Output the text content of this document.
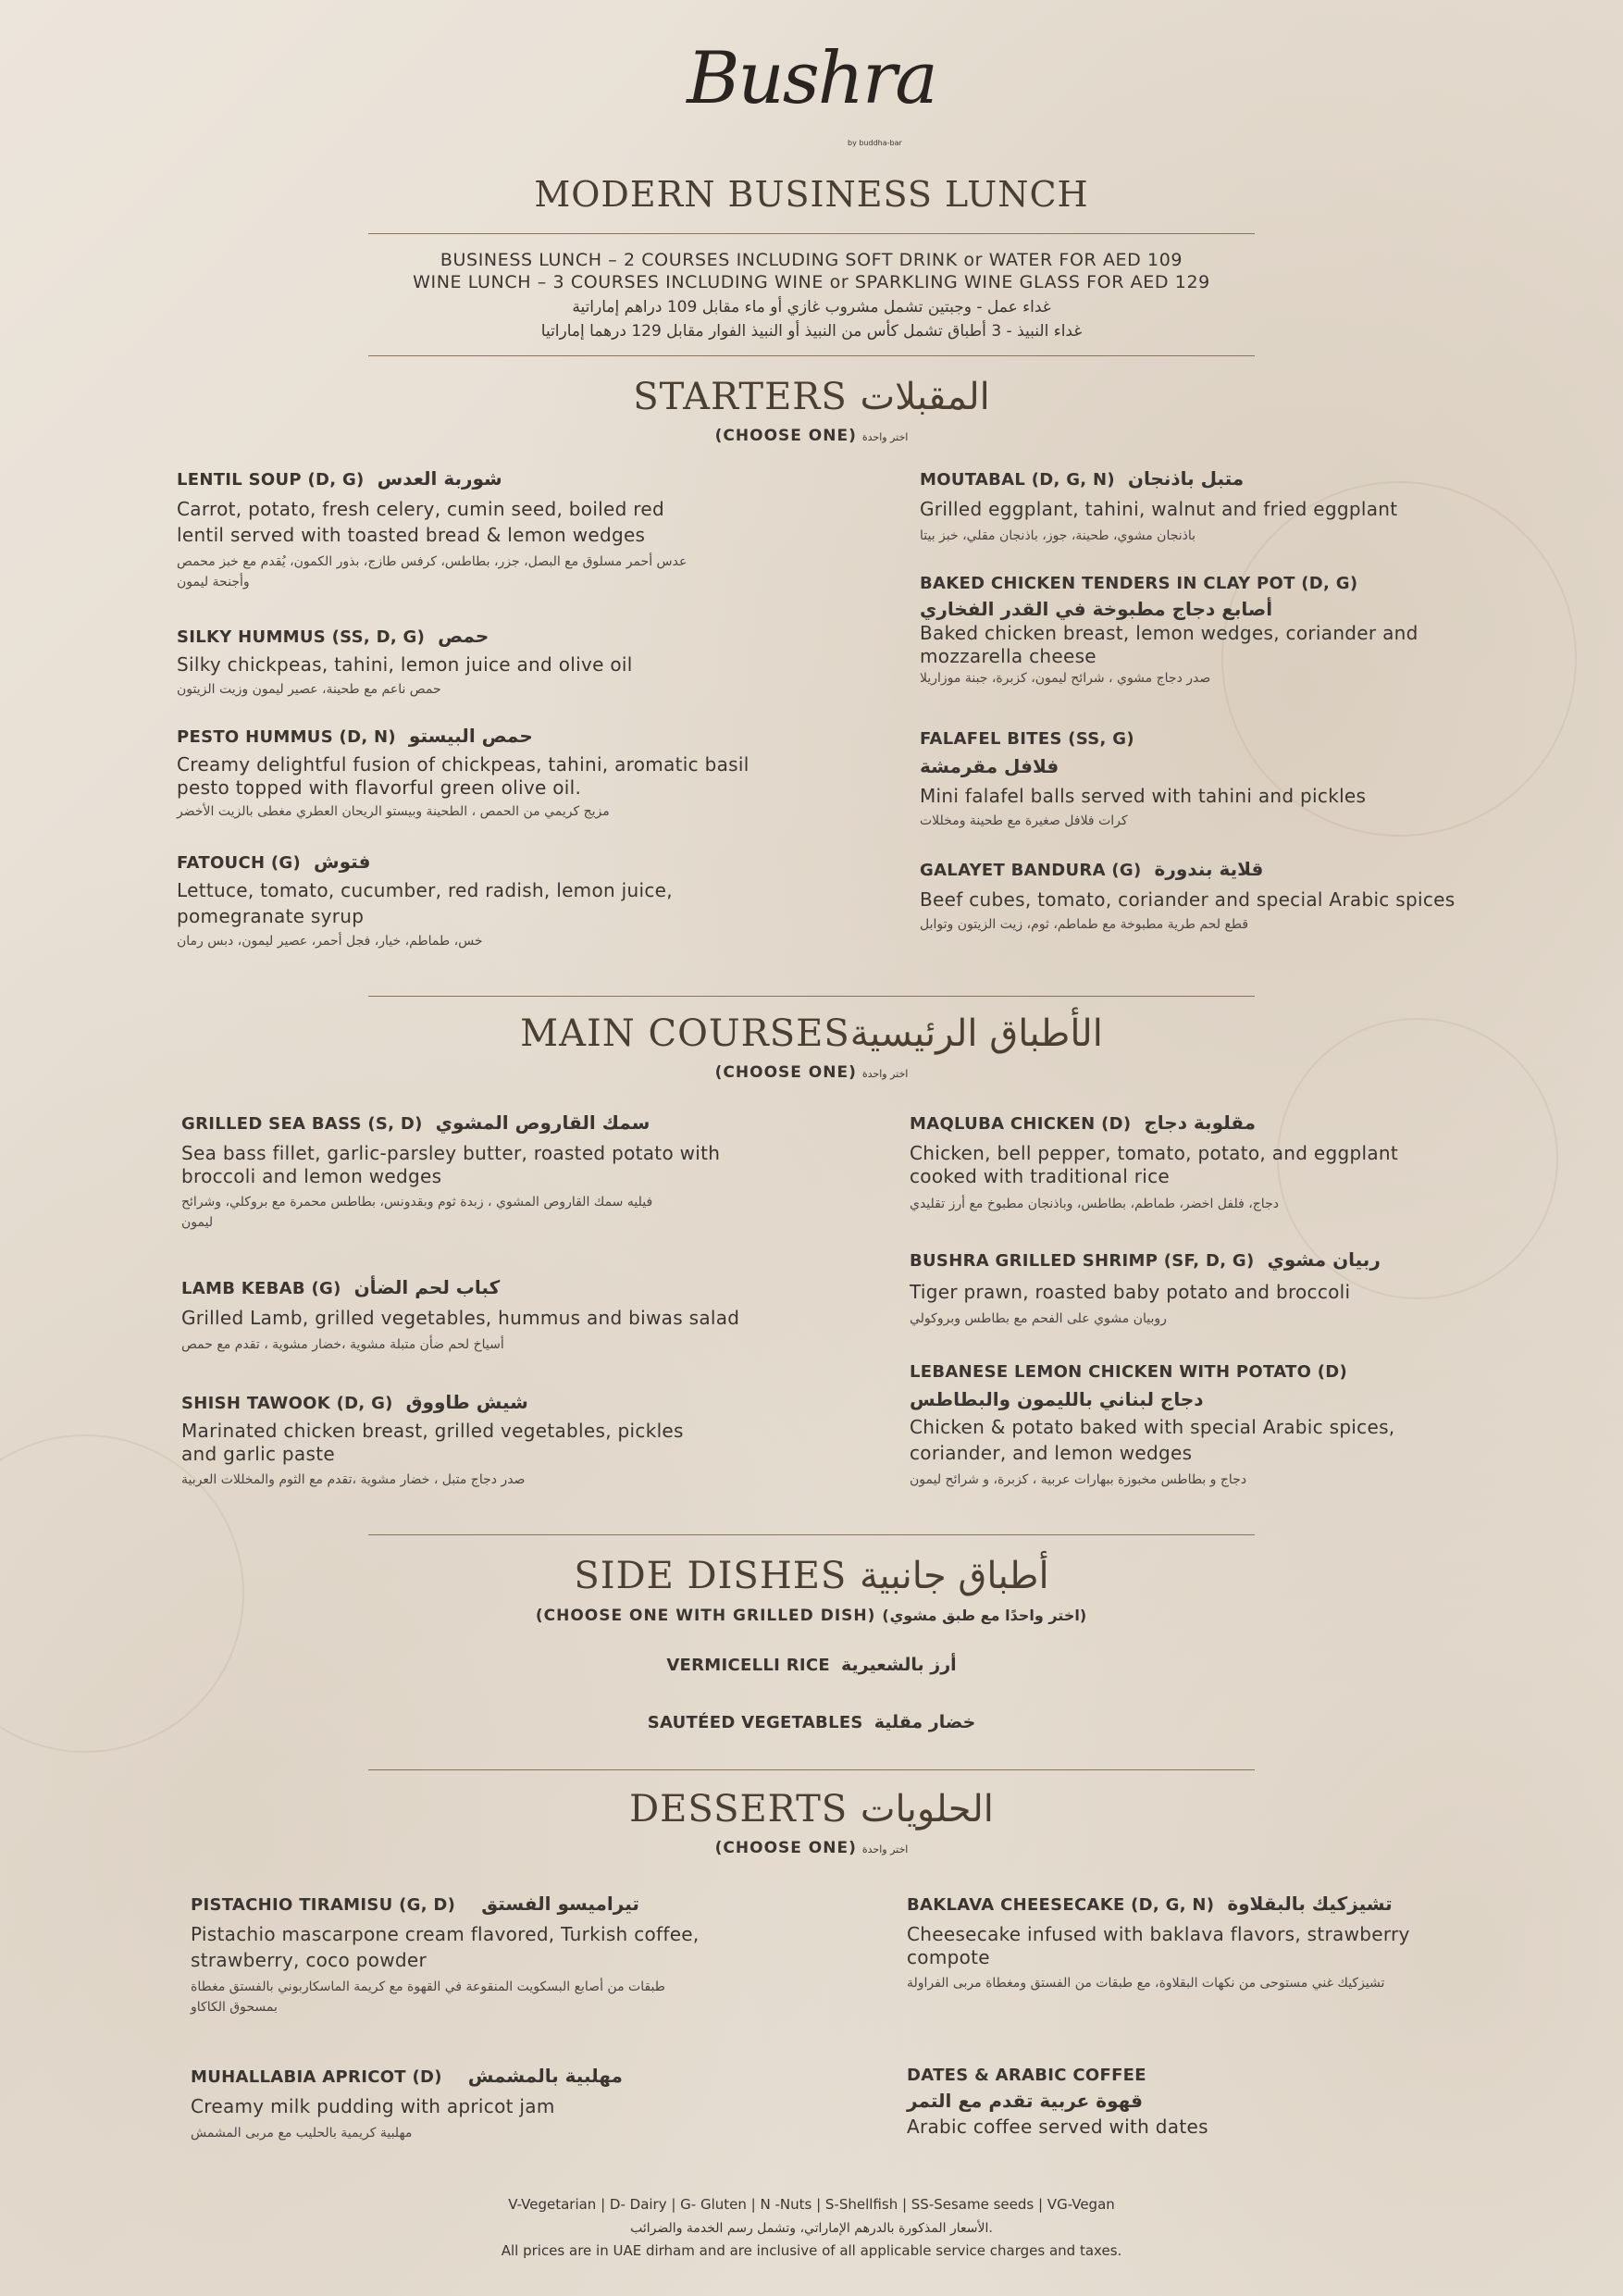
Bushra
by buddha-bar
MODERN BUSINESS LUNCH
BUSINESS LUNCH – 2 COURSES INCLUDING SOFT DRINK or WATER FOR AED 109
WINE LUNCH – 3 COURSES INCLUDING WINE or SPARKLING WINE GLASS FOR AED 129
غداء عمل - وجبتين تشمل مشروب غازي أو ماء مقابل 109 دراهم إماراتية
غداء النبيذ - 3 أطباق تشمل كأس من النبيذ أو النبيذ الفوار مقابل 129 درهما إماراتيا
STARTERS المقبلات
(CHOOSE ONE) اختر واحدة
LENTIL SOUP (D, G) شوربة العدس
Carrot, potato, fresh celery, cumin seed, boiled red lentil served with toasted bread & lemon wedges
عدس أحمر مسلوق مع البصل، جزر، بطاطس، كرفس طازج، بذور الكمون، يُقدم مع خبز محمص وأجنحة ليمون
SILKY HUMMUS (SS, D, G) حمص
Silky chickpeas, tahini, lemon juice and olive oil
حمص ناعم مع طحينة، عصير ليمون وزيت الزيتون
PESTO HUMMUS (D, N) حمص البيستو
Creamy delightful fusion of chickpeas, tahini, aromatic basil pesto topped with flavorful green olive oil.
مزيج كريمي من الحمص ، الطحينة وبيستو الريحان العطري مغطى بالزيت الأخضر
FATOUCH (G) فتوش
Lettuce, tomato, cucumber, red radish, lemon juice, pomegranate syrup
خس، طماطم، خيار، فجل أحمر، عصير ليمون، دبس رمان
MOUTABAL (D, G, N) متبل باذنجان
Grilled eggplant, tahini, walnut and fried eggplant
باذنجان مشوي، طحينة، جوز، باذنجان مقلي، خبز بيتا
BAKED CHICKEN TENDERS IN CLAY POT (D, G)
أصابع دجاج مطبوخة في القدر الفخاري
Baked chicken breast, lemon wedges, coriander and mozzarella cheese
صدر دجاج مشوي ، شرائح ليمون، كزبرة، جبنة موزاريلا
FALAFEL BITES (SS, G)
فلافل مقرمشة
Mini falafel balls served with tahini and pickles
كرات فلافل صغيرة مع طحينة ومخللات
GALAYET BANDURA (G) قلاية بندورة
Beef cubes, tomato, coriander and special Arabic spices
قطع لحم طرية مطبوخة مع طماطم، ثوم، زيت الزيتون وتوابل
MAIN COURSESالأطباق الرئيسية
(CHOOSE ONE) اختر واحدة
GRILLED SEA BASS (S, D) سمك القاروص المشوي
Sea bass fillet, garlic-parsley butter, roasted potato with broccoli and lemon wedges
فيليه سمك القاروص المشوي ، زبدة ثوم وبقدونس، بطاطس محمرة مع بروكلي، وشرائح ليمون
LAMB KEBAB (G) كباب لحم الضأن
Grilled Lamb, grilled vegetables, hummus and biwas salad
أسياخ لحم ضأن متبلة مشوية ،خضار مشوية ، تقدم مع حمص
SHISH TAWOOK (D, G) شيش طاووق
Marinated chicken breast, grilled vegetables, pickles and garlic paste
صدر دجاج متبل ، خضار مشوية ،تقدم مع الثوم والمخللات العربية
MAQLUBA CHICKEN (D) مقلوبة دجاج
Chicken, bell pepper, tomato, potato, and eggplant cooked with traditional rice
دجاج، فلفل اخضر، طماطم، بطاطس، وباذنجان مطبوخ مع أرز تقليدي
BUSHRA GRILLED SHRIMP (SF, D, G) ربيان مشوي
Tiger prawn, roasted baby potato and broccoli
روبيان مشوي على الفحم مع بطاطس وبروكولي
LEBANESE LEMON CHICKEN WITH POTATO (D)
دجاج لبناني بالليمون والبطاطس
Chicken & potato baked with special Arabic spices, coriander, and lemon wedges
دجاج و بطاطس مخبوزة ببهارات عربية ، كزبرة، و شرائح ليمون
SIDE DISHES أطباق جانبية
(CHOOSE ONE WITH GRILLED DISH) (اختر واحدًا مع طبق مشوي)
VERMICELLI RICE أرز بالشعيرية
SAUTÉED VEGETABLES خضار مقلية
DESSERTS الحلويات
(CHOOSE ONE) اختر واحدة
PISTACHIO TIRAMISU (G, D) تيراميسو الفستق
Pistachio mascarpone cream flavored, Turkish coffee, strawberry, coco powder
طبقات من أصابع البسكويت المنقوعة في القهوة مع كريمة الماسكاربوني بالفستق مغطاة بمسحوق الكاكاو
MUHALLABIA APRICOT (D) مهلبية بالمشمش
Creamy milk pudding with apricot jam
مهلبية كريمية بالحليب مع مربى المشمش
BAKLAVA CHEESECAKE (D, G, N) تشيزكيك بالبقلاوة
Cheesecake infused with baklava flavors, strawberry compote
تشيزكيك غني مستوحى من نكهات البقلاوة، مع طبقات من الفستق ومغطاة مربى الفراولة
DATES & ARABIC COFFEE
قهوة عربية تقدم مع التمر
Arabic coffee served with dates
V-Vegetarian | D- Dairy | G- Gluten | N -Nuts | S-Shellfish | SS-Sesame seeds | VG-Vegan
الأسعار المذكورة بالدرهم الإماراتي، وتشمل رسم الخدمة والضرائب.
All prices are in UAE dirham and are inclusive of all applicable service charges and taxes.
